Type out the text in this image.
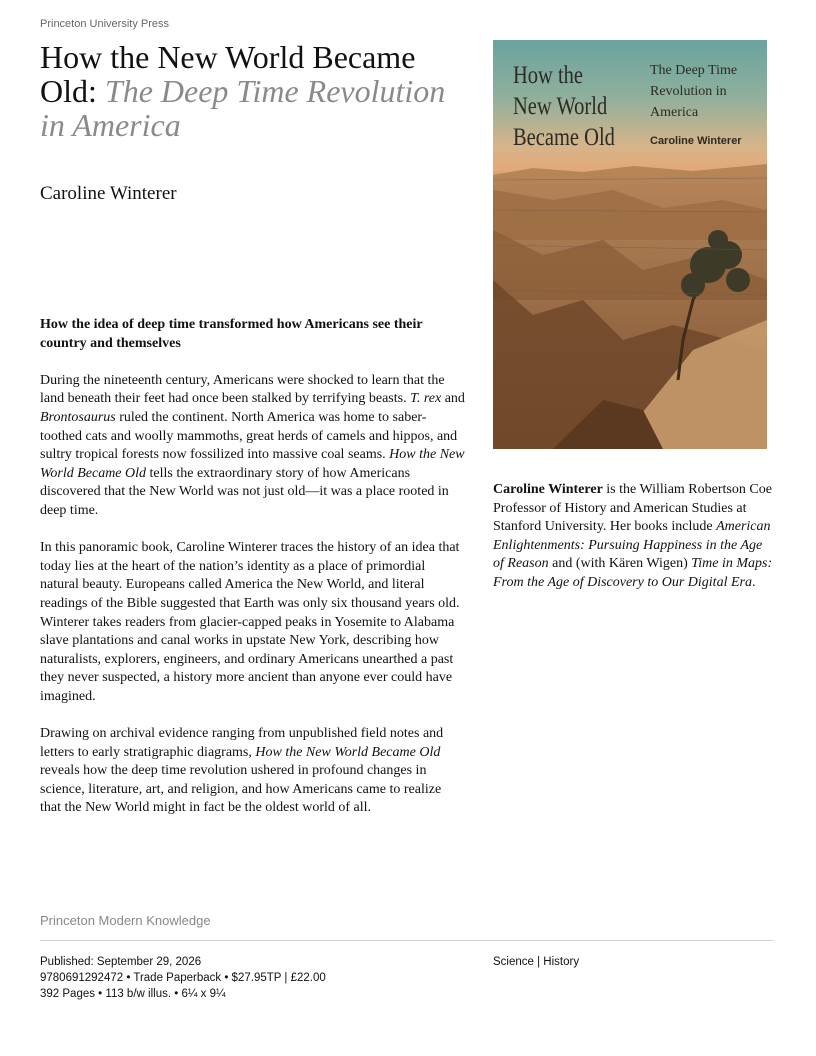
Princeton University Press
How the New World Became Old: The Deep Time Revolution in America
Caroline Winterer

How the idea of deep time transformed how Americans see their country and themselves

During the nineteenth century, Americans were shocked to learn that the land beneath their feet had once been stalked by terrifying beasts. T. rex and Brontosaurus ruled the continent. North America was home to saber-toothed cats and woolly mammoths, great herds of camels and hippos, and sultry tropical forests now fossilized into massive coal seams. How the New World Became Old tells the extraordinary story of how Americans discovered that the New World was not just old—it was a place rooted in deep time.

In this panoramic book, Caroline Winterer traces the history of an idea that today lies at the heart of the nation’s identity as a place of primordial natural beauty. Europeans called America the New World, and literal readings of the Bible suggested that Earth was only six thousand years old. Winterer takes readers from glacier-capped peaks in Yosemite to Alabama slave plantations and canal works in upstate New York, describing how naturalists, explorers, engineers, and ordinary Americans unearthed a past they never suspected, a history more ancient than anyone ever could have imagined.

Drawing on archival evidence ranging from unpublished field notes and letters to early stratigraphic diagrams, How the New World Became Old reveals how the deep time revolution ushered in profound changes in science, literature, art, and religion, and how Americans came to realize that the New World might in fact be the oldest world of all.

How the
New World
Became Old
The Deep Time Revolution in America
Caroline Winterer
Caroline Winterer is the William Robertson Coe Professor of History and American Studies at Stanford University. Her books include American Enlightenments: Pursuing Happiness in the Age of Reason and (with Kären Wigen) Time in Maps: From the Age of Discovery to Our Digital Era.
Princeton Modern Knowledge
Published: September 29, 2026
9780691292472 • Trade Paperback • $27.95TP | £22.00
392 Pages • 113 b/w illus. • 6¼ x 9¼
Science | History
